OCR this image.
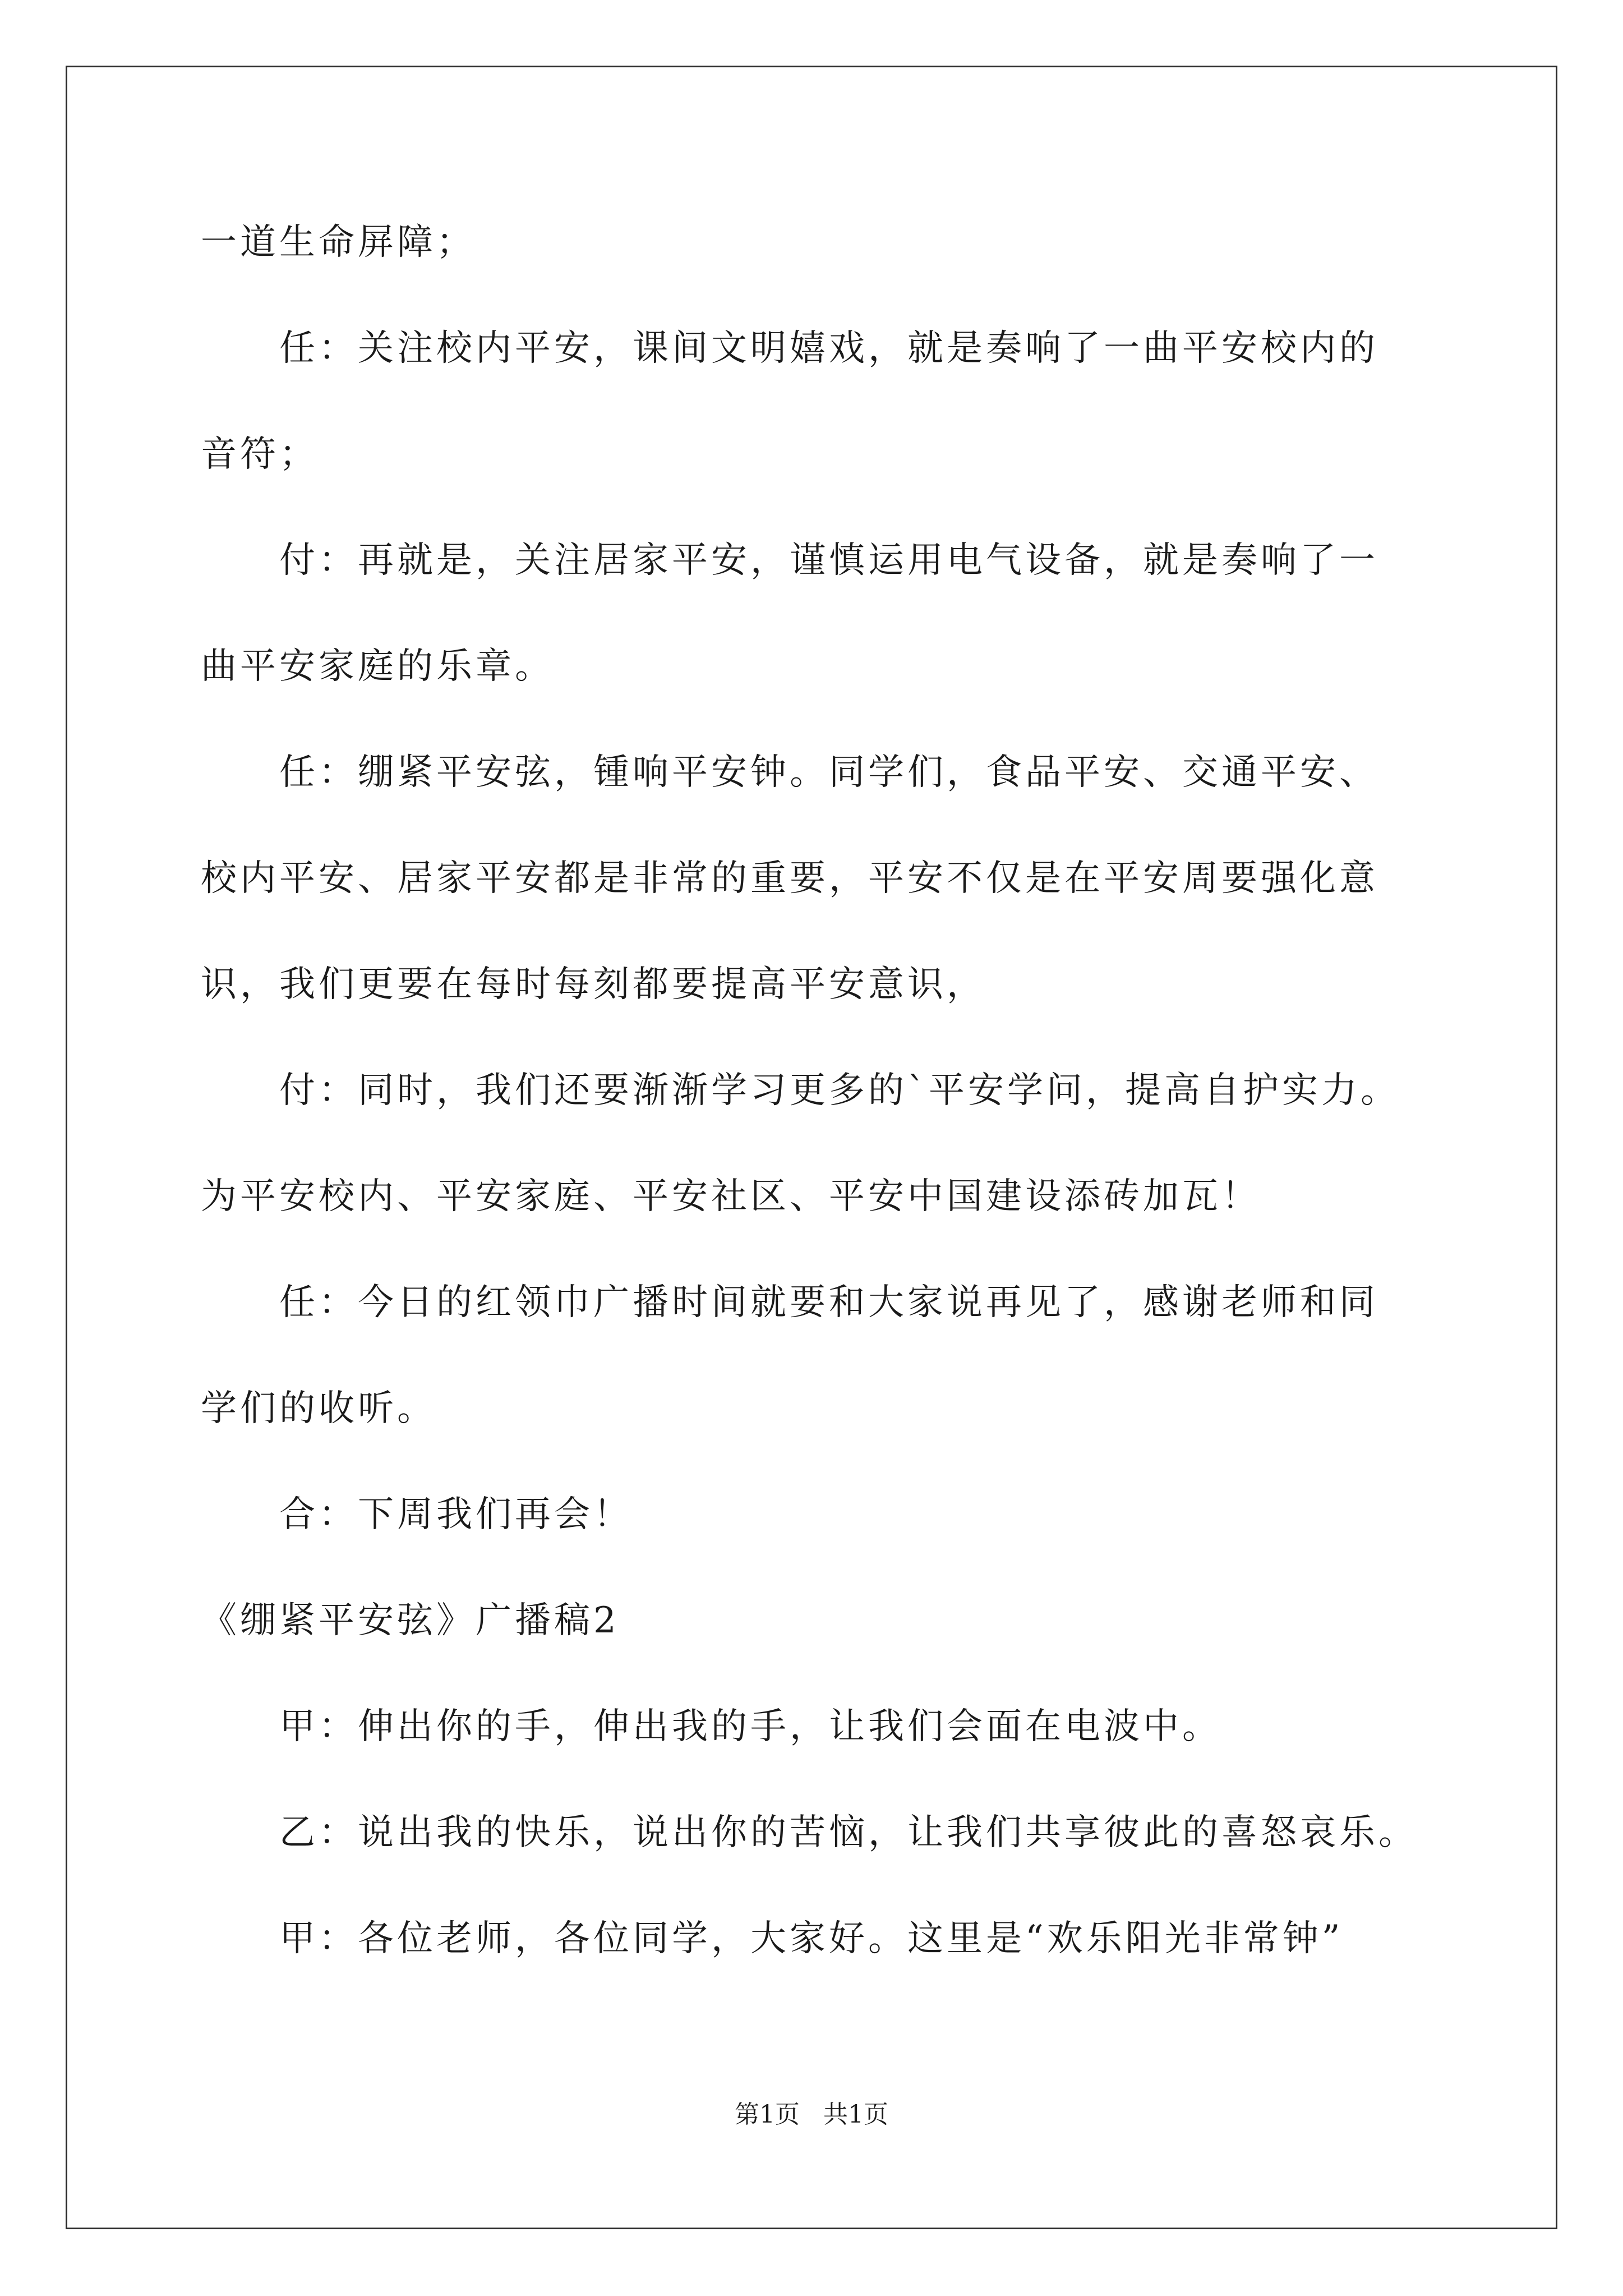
一道生命屏障；
任：关注校内平安，课间文明嬉戏，就是奏响了一曲平安校内的
音符；
付：再就是，关注居家平安，谨慎运用电气设备，就是奏响了一
曲平安家庭的乐章。
任：绷紧平安弦，锺响平安钟。同学们，食品平安、交通平安、
校内平安、居家平安都是非常的重要，平安不仅是在平安周要强化意
识，我们更要在每时每刻都要提高平安意识，
付：同时，我们还要渐渐学习更多的`平安学问，提高自护实力。
为平安校内、平安家庭、平安社区、平安中国建设添砖加瓦！
任：今日的红领巾广播时间就要和大家说再见了，感谢老师和同
学们的收听。
合：下周我们再会！
《绷紧平安弦》广播稿2
甲：伸出你的手，伸出我的手，让我们会面在电波中。
乙：说出我的快乐，说出你的苦恼，让我们共享彼此的喜怒哀乐。
甲：各位老师，各位同学，大家好。这里是“欢乐阳光非常钟”
第1页 共1页
